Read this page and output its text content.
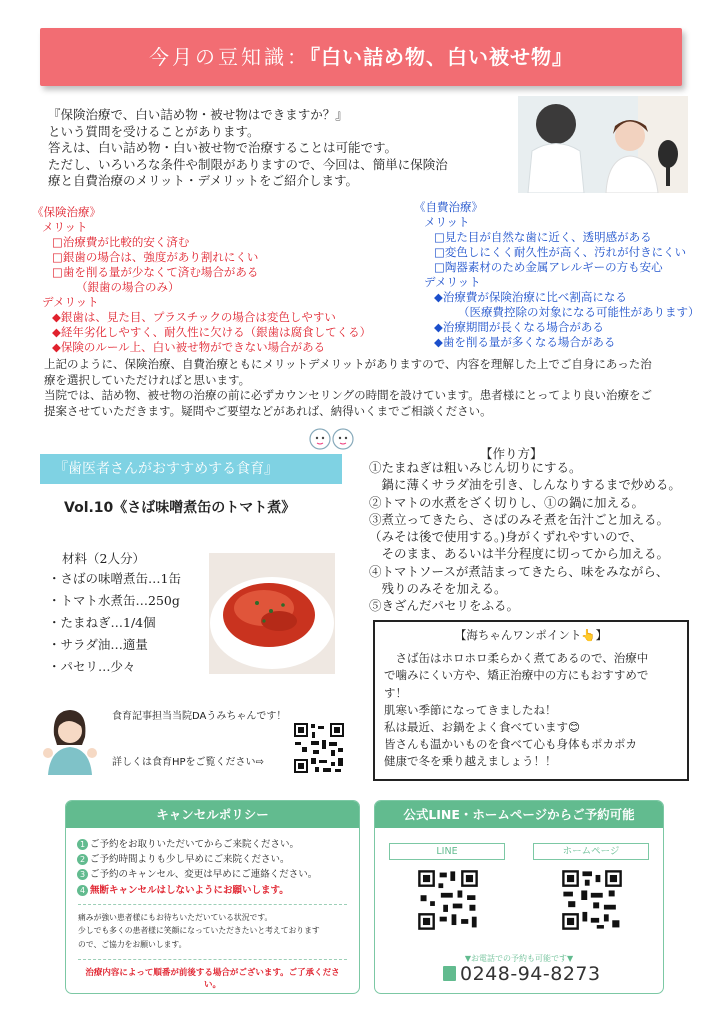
今月の豆知識：『白い詰め物、白い被せ物』
『保険治療で、白い詰め物・被せ物はできますか？』
という質問を受けることがあります。
答えは、白い詰め物・白い被せ物で治療することは可能です。
ただし、いろいろな条件や制限がありますので、今回は、簡単に保険治
療と自費治療のメリット・デメリットをご紹介します。
《保険治療》
メリット
□治療費が比較的安く済む
□銀歯の場合は、強度があり割れにくい
□歯を削る量が少なくて済む場合がある
（銀歯の場合のみ）
デメリット
◆銀歯は、見た目、プラスチックの場合は変色しやすい
◆経年劣化しやすく、耐久性に欠ける（銀歯は腐食してくる）
◆保険のルール上、白い被せ物ができない場合がある
《自費治療》
メリット
□見た目が自然な歯に近く、透明感がある
□変色しにくく耐久性が高く、汚れが付きにくい
□陶器素材のため金属アレルギーの方も安心
デメリット
◆治療費が保険治療に比べ割高になる
（医療費控除の対象になる可能性があります）
◆治療期間が長くなる場合がある
◆歯を削る量が多くなる場合がある
上記のように、保険治療、自費治療ともにメリットデメリットがありますので、内容を理解した上でご自身にあった治
療を選択していただければと思います。
当院では、詰め物、被せ物の治療の前に必ずカウンセリングの時間を設けています。患者様にとってより良い治療をご
提案させていただきます。疑問やご要望などがあれば、納得いくまでご相談ください。
『歯医者さんがおすすめする食育』
Vol.10《さば味噌煮缶のトマト煮》
材料（2人分）
・さばの味噌煮缶…1缶
・トマト水煮缶…250g
・たまねぎ…1/4個
・サラダ油…適量
・パセリ…少々
【作り方】
①たまねぎは粗いみじん切りにする。
　鍋に薄くサラダ油を引き、しんなりするまで炒める。
②トマトの水煮をざく切りし、①の鍋に加える。
③煮立ってきたら、さばのみそ煮を缶汁ごと加える。
（みそは後で使用する。)身がくずれやすいので、
　そのまま、あるいは半分程度に切ってから加える。
④トマトソースが煮詰まってきたら、味をみながら、
　残りのみそを加える。
⑤きざんだパセリをふる。
【海ちゃんワンポイント👆】
　さば缶はホロホロ柔らかく煮てあるので、治療中
で噛みにくい方や、矯正治療中の方にもおすすめで
す！
肌寒い季節になってきましたね！
私は最近、お鍋をよく食べています😊
皆さんも温かいものを食べて心も身体もポカポカ
健康で冬を乗り越えましょう！！
食育記事担当当院DAうみちゃんです！
詳しくは食育HPをご覧ください⇨
キャンセルポリシー
1 ご予約をお取りいただいてからご来院ください。
2 ご予約時間よりも少し早めにご来院ください。
3 ご予約のキャンセル、変更は早めにご連絡ください。
4 無断キャンセルはしないようにお願いします。
痛みが強い患者様にもお待ちいただいている状況です。
少しでも多くの患者様に笑顔になっていただきたいと考えております
ので、ご協力をお願いします。
治療内容によって順番が前後する場合がございます。ご了承ください。
公式LINE・ホームページからご予約可能
LINE	ホームページ
▼お電話での予約も可能です▼
0248-94-8273
